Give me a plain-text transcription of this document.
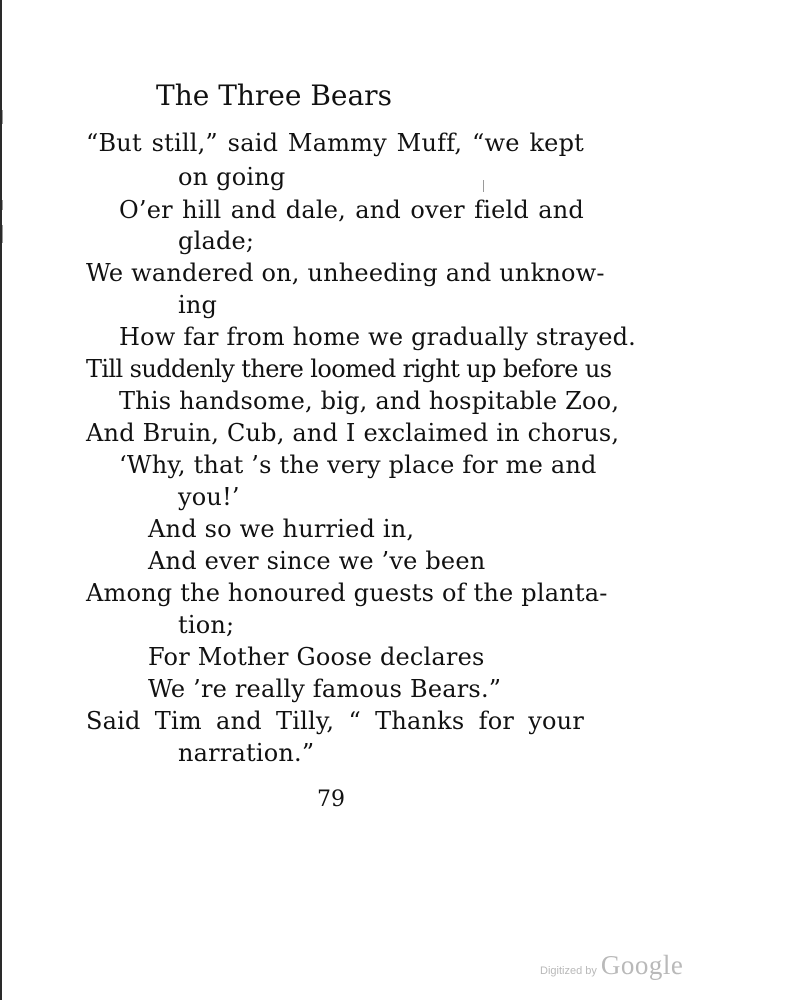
The Three Bears
“But still,” said Mammy Muff, “we kept
on going
O’er hill and dale, and over field and
glade;
We wandered on, unheeding and unknow-
ing
How far from home we gradually strayed.
Till suddenly there loomed right up before us
This handsome, big, and hospitable Zoo,
And Bruin, Cub, and I exclaimed in chorus,
‘Why, that ’s the very place for me and
you!’
And so we hurried in,
And ever since we ’ve been
Among the honoured guests of the planta-
tion;
For Mother Goose declares
We ’re really famous Bears.”
Said Tim and Tilly, “ Thanks for your
narration.”
79
Digitized by Google
